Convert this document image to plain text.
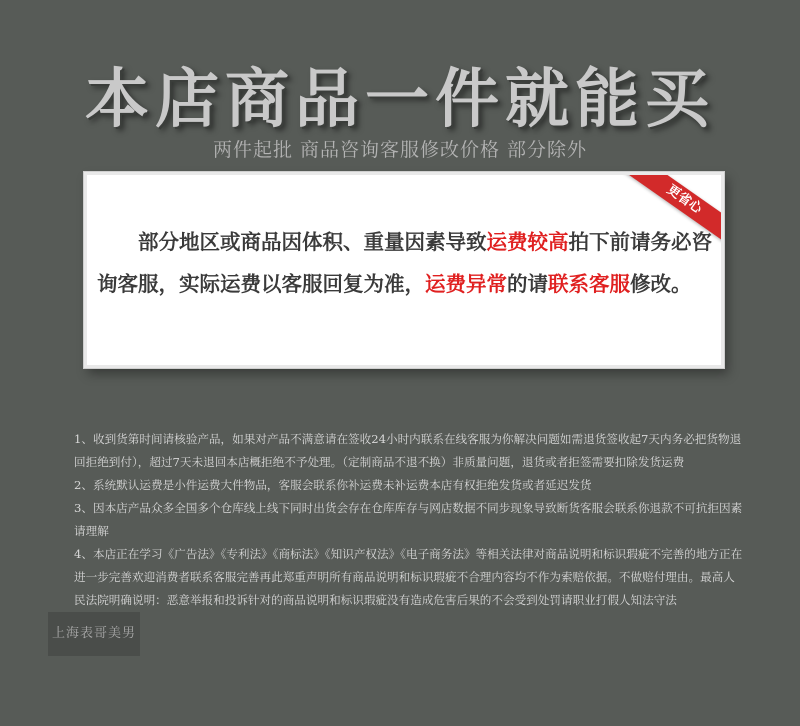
本店商品一件就能买
两件起批 商品咨询客服修改价格 部分除外
更省心

部分地区或商品因体积、重量因素导致运费较高拍下前请务必咨询客服，实际运费以客服回复为准，运费异常的请联系客服修改。

1、收到货第时间请核验产品，如果对产品不满意请在签收24小时内联系在线客服为你解决问题如需退货签收起7天内务必把货物退回拒绝到付），超过7天未退回本店概拒绝不予处理。（定制商品不退不换）非质量问题，退货或者拒签需要扣除发货运费

2、系统默认运费是小件运费大件物品，客服会联系你补运费未补运费本店有权拒绝发货或者延迟发货

3、因本店产品众多全国多个仓库线上线下同时出货会存在仓库库存与网店数据不同步现象导致断货客服会联系你退款不可抗拒因素请理解

4、本店正在学习《广告法》《专利法》《商标法》《知识产权法》《电子商务法》等相关法律对商品说明和标识瑕疵不完善的地方正在进一步完善欢迎消费者联系客服完善再此郑重声明所有商品说明和标识瑕疵不合理内容均不作为索赔依据。不做赔付理由。最高人民法院明确说明：恶意举报和投诉针对的商品说明和标识瑕疵没有造成危害后果的不会受到处罚请职业打假人知法守法

上海表哥美男
